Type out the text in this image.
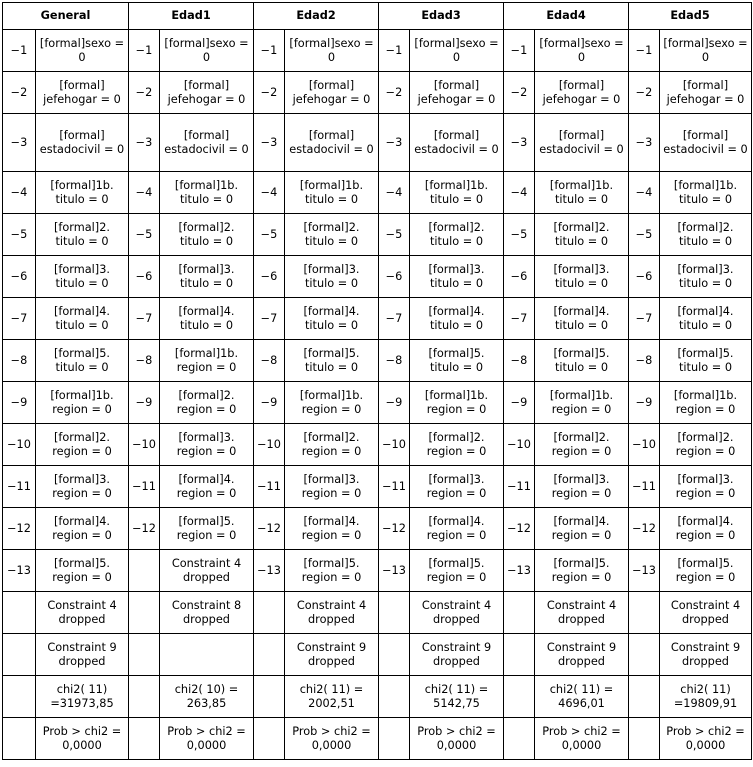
General		Edad1		Edad2		Edad3		Edad4		Edad5	
−1	[formal]sexo = 0	−1	[formal]sexo = 0	−1	[formal]sexo = 0	−1	[formal]sexo = 0	−1	[formal]sexo = 0	−1	[formal]sexo = 0
−2	[formal] jefehogar = 0	−2	[formal] jefehogar = 0	−2	[formal] jefehogar = 0	−2	[formal] jefehogar = 0	−2	[formal] jefehogar = 0	−2	[formal] jefehogar = 0
−3	[formal] estadocivil = 0	−3	[formal] estadocivil = 0	−3	[formal] estadocivil = 0	−3	[formal] estadocivil = 0	−3	[formal] estadocivil = 0	−3	[formal] estadocivil = 0
−4	[formal]1b. titulo = 0	−4	[formal]1b. titulo = 0	−4	[formal]1b. titulo = 0	−4	[formal]1b. titulo = 0	−4	[formal]1b. titulo = 0	−4	[formal]1b. titulo = 0
−5	[formal]2. titulo = 0	−5	[formal]2. titulo = 0	−5	[formal]2. titulo = 0	−5	[formal]2. titulo = 0	−5	[formal]2. titulo = 0	−5	[formal]2. titulo = 0
−6	[formal]3. titulo = 0	−6	[formal]3. titulo = 0	−6	[formal]3. titulo = 0	−6	[formal]3. titulo = 0	−6	[formal]3. titulo = 0	−6	[formal]3. titulo = 0
−7	[formal]4. titulo = 0	−7	[formal]4. titulo = 0	−7	[formal]4. titulo = 0	−7	[formal]4. titulo = 0	−7	[formal]4. titulo = 0	−7	[formal]4. titulo = 0
−8	[formal]5. titulo = 0	−8	[formal]1b. region = 0	−8	[formal]5. titulo = 0	−8	[formal]5. titulo = 0	−8	[formal]5. titulo = 0	−8	[formal]5. titulo = 0
−9	[formal]1b. region = 0	−9	[formal]2. region = 0	−9	[formal]1b. region = 0	−9	[formal]1b. region = 0	−9	[formal]1b. region = 0	−9	[formal]1b. region = 0
−10	[formal]2. region = 0	−10	[formal]3. region = 0	−10	[formal]2. region = 0	−10	[formal]2. region = 0	−10	[formal]2. region = 0	−10	[formal]2. region = 0
−11	[formal]3. region = 0	−11	[formal]4. region = 0	−11	[formal]3. region = 0	−11	[formal]3. region = 0	−11	[formal]3. region = 0	−11	[formal]3. region = 0
−12	[formal]4. region = 0	−12	[formal]5. region = 0	−12	[formal]4. region = 0	−12	[formal]4. region = 0	−12	[formal]4. region = 0	−12	[formal]4. region = 0
−13	[formal]5. region = 0		Constraint 4 dropped	−13	[formal]5. region = 0	−13	[formal]5. region = 0	−13	[formal]5. region = 0	−13	[formal]5. region = 0
	Constraint 4 dropped		Constraint 8 dropped		Constraint 4 dropped		Constraint 4 dropped		Constraint 4 dropped		Constraint 4 dropped
	Constraint 9 dropped				Constraint 9 dropped		Constraint 9 dropped		Constraint 9 dropped		Constraint 9 dropped
	chi2( 11) =31973,85		chi2( 10) = 263,85		chi2( 11) = 2002,51		chi2( 11) = 5142,75		chi2( 11) = 4696,01		chi2( 11) =19809,91
	Prob > chi2 = 0,0000		Prob > chi2 = 0,0000		Prob > chi2 = 0,0000		Prob > chi2 = 0,0000		Prob > chi2 = 0,0000		Prob > chi2 = 0,0000
